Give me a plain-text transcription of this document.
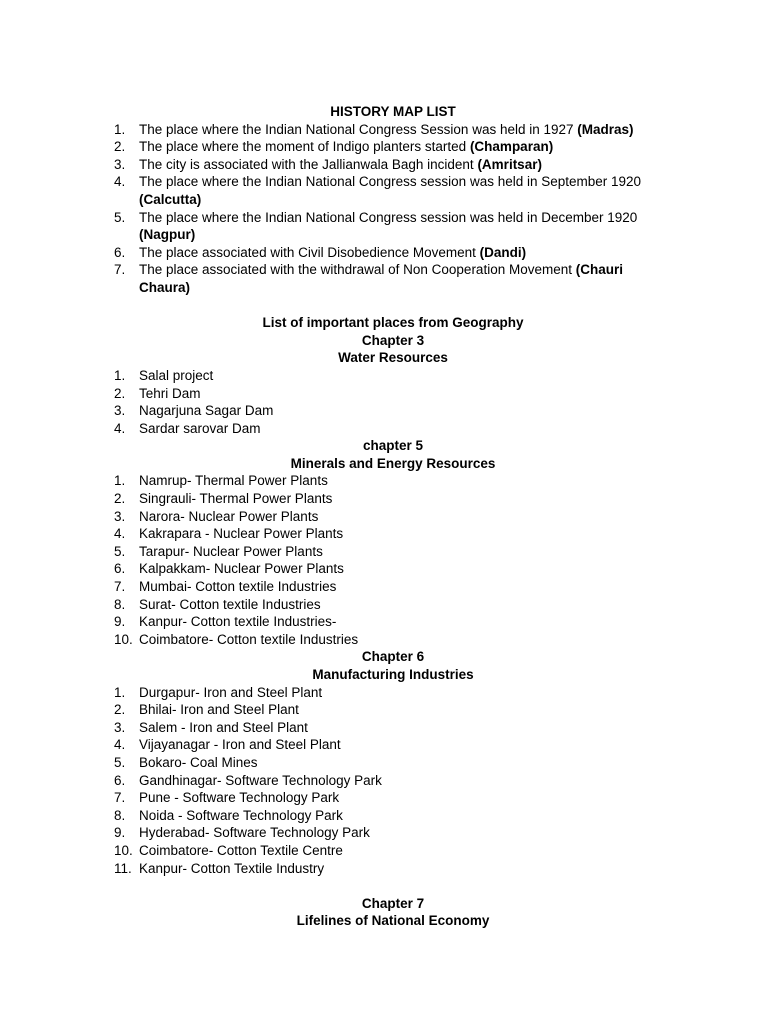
HISTORY MAP LIST
1. The place where the Indian National Congress Session was held in 1927 (Madras)
2. The place where the moment of Indigo planters started (Champaran)
3. The city is associated with the Jallianwala Bagh incident (Amritsar)
4. The place where the Indian National Congress session was held in September 1920 (Calcutta)
5. The place where the Indian National Congress session was held in December 1920 (Nagpur)
6. The place associated with Civil Disobedience Movement (Dandi)
7. The place associated with the withdrawal of Non Cooperation Movement (Chauri Chaura)
List of important places from Geography
Chapter 3
Water Resources
1. Salal project
2. Tehri Dam
3. Nagarjuna Sagar Dam
4. Sardar sarovar Dam
chapter 5
Minerals and Energy Resources
1. Namrup- Thermal Power Plants
2. Singrauli- Thermal Power Plants
3. Narora- Nuclear Power Plants
4. Kakrapara - Nuclear Power Plants
5. Tarapur- Nuclear Power Plants
6. Kalpakkam- Nuclear Power Plants
7. Mumbai- Cotton textile Industries
8. Surat- Cotton textile Industries
9. Kanpur- Cotton textile Industries-
10. Coimbatore- Cotton textile Industries
Chapter 6
Manufacturing Industries
1. Durgapur- Iron and Steel Plant
2. Bhilai- Iron and Steel Plant
3. Salem - Iron and Steel Plant
4. Vijayanagar - Iron and Steel Plant
5. Bokaro- Coal Mines
6. Gandhinagar- Software Technology Park
7. Pune - Software Technology Park
8. Noida - Software Technology Park
9. Hyderabad- Software Technology Park
10. Coimbatore- Cotton Textile Centre
11. Kanpur- Cotton Textile Industry
Chapter 7
Lifelines of National Economy
